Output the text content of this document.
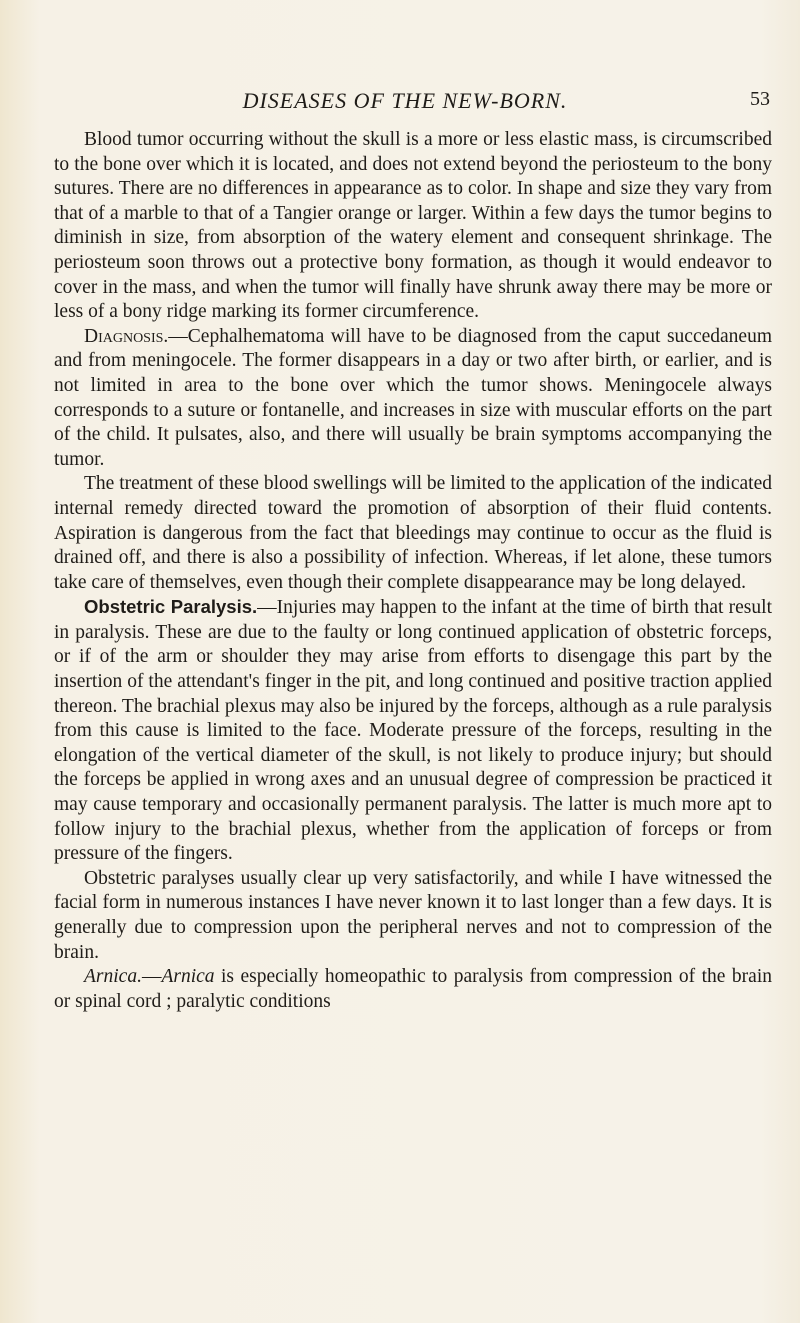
DISEASES OF THE NEW-BORN.	53

Blood tumor occurring without the skull is a more or less elastic mass, is circumscribed to the bone over which it is located, and does not extend beyond the periosteum to the bony sutures. There are no differences in appearance as to color. In shape and size they vary from that of a marble to that of a Tangier orange or larger. Within a few days the tumor begins to diminish in size, from absorption of the watery element and consequent shrinkage. The periosteum soon throws out a protective bony formation, as though it would endeavor to cover in the mass, and when the tumor will finally have shrunk away there may be more or less of a bony ridge marking its former circumference.

Diagnosis.—Cephalhematoma will have to be diagnosed from the caput succedaneum and from meningocele. The former disappears in a day or two after birth, or earlier, and is not limited in area to the bone over which the tumor shows. Meningocele always corresponds to a suture or fontanelle, and increases in size with muscular efforts on the part of the child. It pulsates, also, and there will usually be brain symptoms accompanying the tumor.

The treatment of these blood swellings will be limited to the application of the indicated internal remedy directed toward the promotion of absorption of their fluid contents. Aspiration is dangerous from the fact that bleedings may continue to occur as the fluid is drained off, and there is also a possibility of infection. Whereas, if let alone, these tumors take care of themselves, even though their complete disappearance may be long delayed.

Obstetric Paralysis.—Injuries may happen to the infant at the time of birth that result in paralysis. These are due to the faulty or long continued application of obstetric forceps, or if of the arm or shoulder they may arise from efforts to disengage this part by the insertion of the attendant's finger in the pit, and long continued and positive traction applied thereon. The brachial plexus may also be injured by the forceps, although as a rule paralysis from this cause is limited to the face. Moderate pressure of the forceps, resulting in the elongation of the vertical diameter of the skull, is not likely to produce injury; but should the forceps be applied in wrong axes and an unusual degree of compression be practiced it may cause temporary and occasionally permanent paralysis. The latter is much more apt to follow injury to the brachial plexus, whether from the application of forceps or from pressure of the fingers.

Obstetric paralyses usually clear up very satisfactorily, and while I have witnessed the facial form in numerous instances I have never known it to last longer than a few days. It is generally due to compression upon the peripheral nerves and not to compression of the brain.

Arnica.—Arnica is especially homeopathic to paralysis from compression of the brain or spinal cord ; paralytic conditions
